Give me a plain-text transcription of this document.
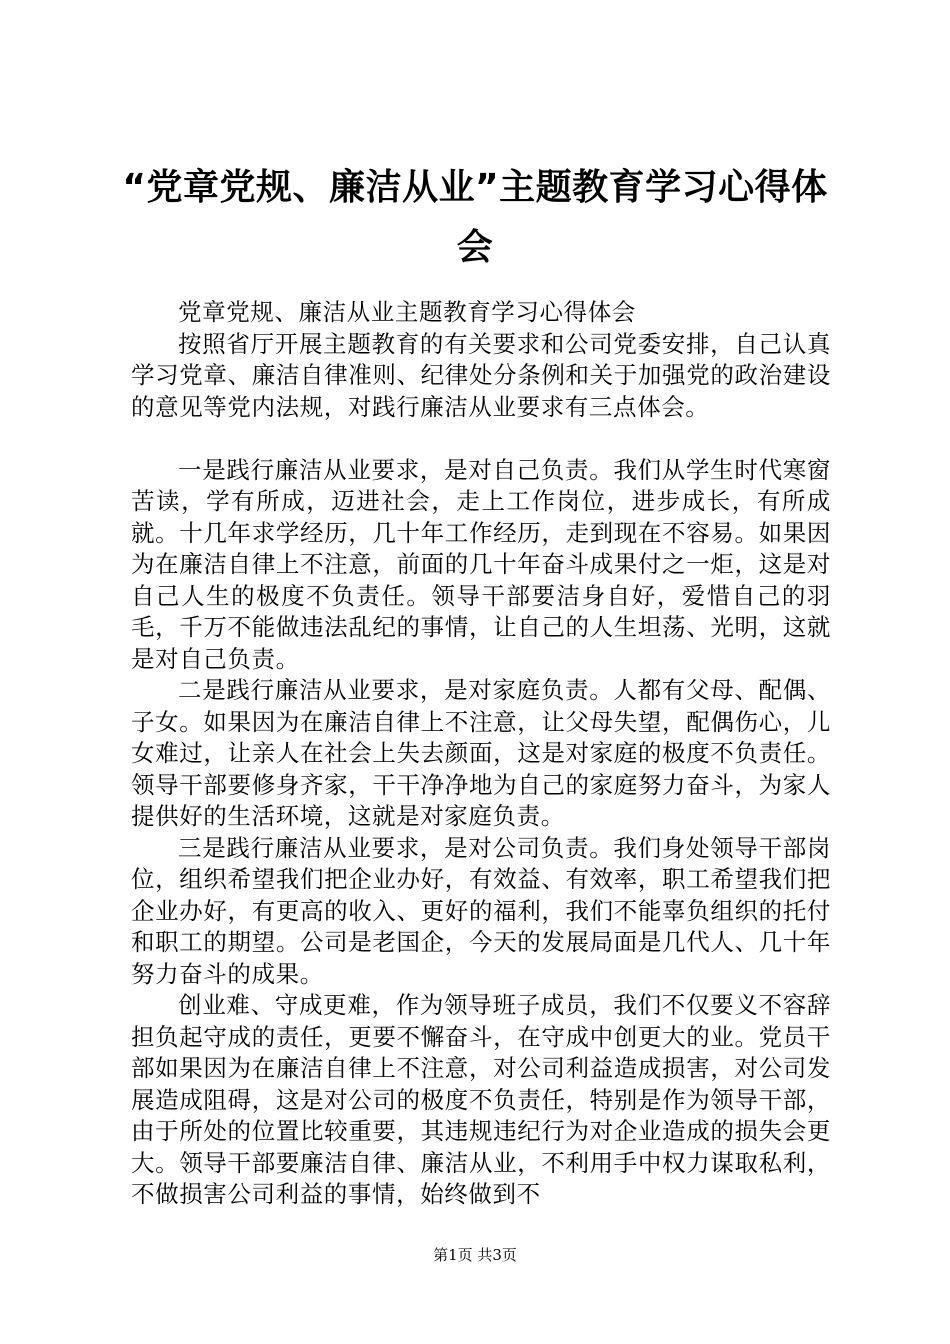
“党章党规、廉洁从业”主题教育学习心得体会

党章党规、廉洁从业主题教育学习心得体会

按照省厅开展主题教育的有关要求和公司党委安排，自己认真学习党章、廉洁自律准则、纪律处分条例和关于加强党的政治建设的意见等党内法规，对践行廉洁从业要求有三点体会。

一是践行廉洁从业要求，是对自己负责。我们从学生时代寒窗苦读，学有所成，迈进社会，走上工作岗位，进步成长，有所成就。十几年求学经历，几十年工作经历，走到现在不容易。如果因为在廉洁自律上不注意，前面的几十年奋斗成果付之一炬，这是对自己人生的极度不负责任。领导干部要洁身自好，爱惜自己的羽毛，千万不能做违法乱纪的事情，让自己的人生坦荡、光明，这就是对自己负责。

二是践行廉洁从业要求，是对家庭负责。人都有父母、配偶、子女。如果因为在廉洁自律上不注意，让父母失望，配偶伤心，儿女难过，让亲人在社会上失去颜面，这是对家庭的极度不负责任。领导干部要修身齐家，干干净净地为自己的家庭努力奋斗，为家人提供好的生活环境，这就是对家庭负责。

三是践行廉洁从业要求，是对公司负责。我们身处领导干部岗位，组织希望我们把企业办好，有效益、有效率，职工希望我们把企业办好，有更高的收入、更好的福利，我们不能辜负组织的托付和职工的期望。公司是老国企，今天的发展局面是几代人、几十年努力奋斗的成果。

创业难、守成更难，作为领导班子成员，我们不仅要义不容辞担负起守成的责任，更要不懈奋斗，在守成中创更大的业。党员干部如果因为在廉洁自律上不注意，对公司利益造成损害，对公司发展造成阻碍，这是对公司的极度不负责任，特别是作为领导干部，由于所处的位置比较重要，其违规违纪行为对企业造成的损失会更大。领导干部要廉洁自律、廉洁从业，不利用手中权力谋取私利，不做损害公司利益的事情，始终做到不

第1页 共3页
